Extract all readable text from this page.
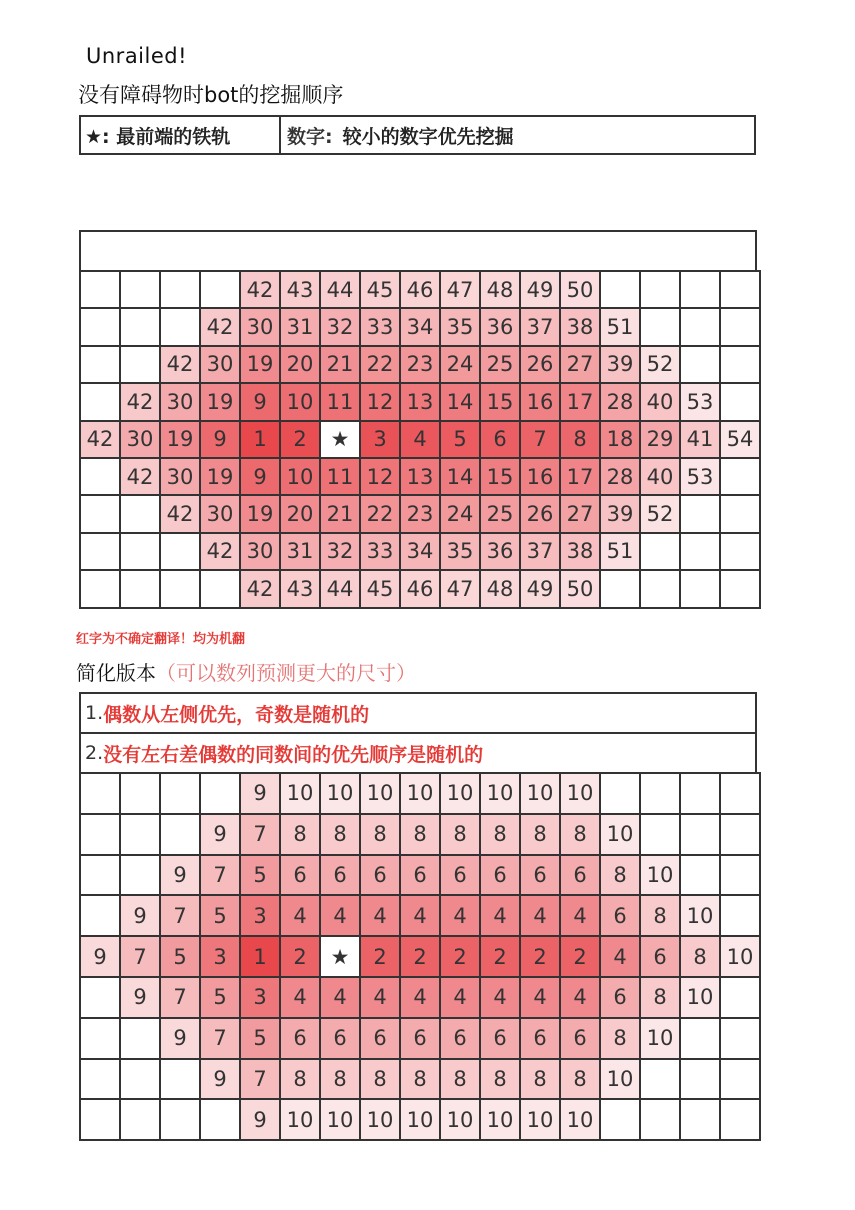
Unrailed!
没有障碍物时bot的挖掘顺序
★: 最前端的铁轨	数字: 较小的数字优先挖掘
				42	43	44	45	46	47	48	49	50				
			42	30	31	32	33	34	35	36	37	38	51			
		42	30	19	20	21	22	23	24	25	26	27	39	52		
	42	30	19	9	10	11	12	13	14	15	16	17	28	40	53	
42	30	19	9	1	2	★	3	4	5	6	7	8	18	29	41	54
	42	30	19	9	10	11	12	13	14	15	16	17	28	40	53	
		42	30	19	20	21	22	23	24	25	26	27	39	52		
			42	30	31	32	33	34	35	36	37	38	51			
				42	43	44	45	46	47	48	49	50				
红字为不确定翻译！均为机翻
简化版本（可以数列预测更大的尺寸）
1. 偶数从左侧优先，奇数是随机的
2. 没有左右差偶数的同数间的优先顺序是随机的
				9	10	10	10	10	10	10	10	10				
			9	7	8	8	8	8	8	8	8	8	10			
		9	7	5	6	6	6	6	6	6	6	6	8	10		
	9	7	5	3	4	4	4	4	4	4	4	4	6	8	10	
9	7	5	3	1	2	★	2	2	2	2	2	2	4	6	8	10
	9	7	5	3	4	4	4	4	4	4	4	4	6	8	10	
		9	7	5	6	6	6	6	6	6	6	6	8	10		
			9	7	8	8	8	8	8	8	8	8	10			
				9	10	10	10	10	10	10	10	10				
